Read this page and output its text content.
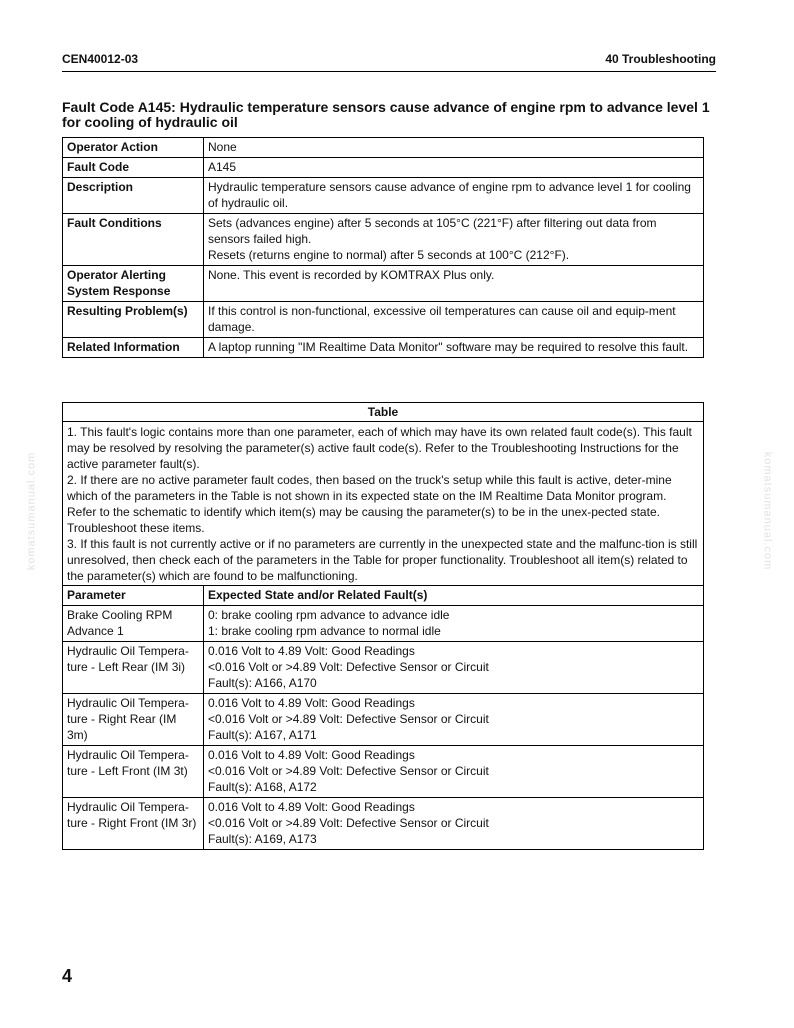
CEN40012-03	40 Troubleshooting
Fault Code A145: Hydraulic temperature sensors cause advance of engine rpm to advance level 1 for cooling of hydraulic oil
Operator Action	None
Fault Code	A145
Description	Hydraulic temperature sensors cause advance of engine rpm to advance level 1 for cooling of hydraulic oil.
Fault Conditions	Sets (advances engine) after 5 seconds at 105°C (221°F) after filtering out data from sensors failed high.
Resets (returns engine to normal) after 5 seconds at 100°C (212°F).

Operator Alerting System Response	None. This event is recorded by KOMTRAX Plus only.
Resulting Problem(s)	If this control is non-functional, excessive oil temperatures can cause oil and equip-ment damage.
Related Information	A laptop running "IM Realtime Data Monitor" software may be required to resolve this fault.
Table	

1. This fault's logic contains more than one parameter, each of which may have its own related fault code(s). This fault may be resolved by resolving the parameter(s) active fault code(s). Refer to the Troubleshooting Instructions for the active parameter fault(s).
2. If there are no active parameter fault codes, then based on the truck's setup while this fault is active, deter-mine which of the parameters in the Table is not shown in its expected state on the IM Realtime Data Monitor program. Refer to the schematic to identify which item(s) may be causing the parameter(s) to be in the unex-pected state. Troubleshoot these items.
3. If this fault is not currently active or if no parameters are currently in the unexpected state and the malfunc-tion is still unresolved, then check each of the parameters in the Table for proper functionality. Troubleshoot all item(s) related to the parameter(s) which are found to be malfunctioning.	

Parameter	Expected State and/or Related Fault(s)
Brake Cooling RPM Advance 1	0: brake cooling rpm advance to advance idle
1: brake cooling rpm advance to normal idle

Hydraulic Oil Tempera-ture - Left Rear (IM 3i)	0.016 Volt to 4.89 Volt: Good Readings
<0.016 Volt or >4.89 Volt: Defective Sensor or Circuit
Fault(s): A166, A170

Hydraulic Oil Tempera-ture - Right Rear (IM 3m)	0.016 Volt to 4.89 Volt: Good Readings
<0.016 Volt or >4.89 Volt: Defective Sensor or Circuit
Fault(s): A167, A171

Hydraulic Oil Tempera-ture - Left Front (IM 3t)	0.016 Volt to 4.89 Volt: Good Readings
<0.016 Volt or >4.89 Volt: Defective Sensor or Circuit
Fault(s): A168, A172

Hydraulic Oil Tempera-ture - Right Front (IM 3r)	0.016 Volt to 4.89 Volt: Good Readings
<0.016 Volt or >4.89 Volt: Defective Sensor or Circuit
Fault(s): A169, A173
komatsumanual.com	komatsumanual.com
4
